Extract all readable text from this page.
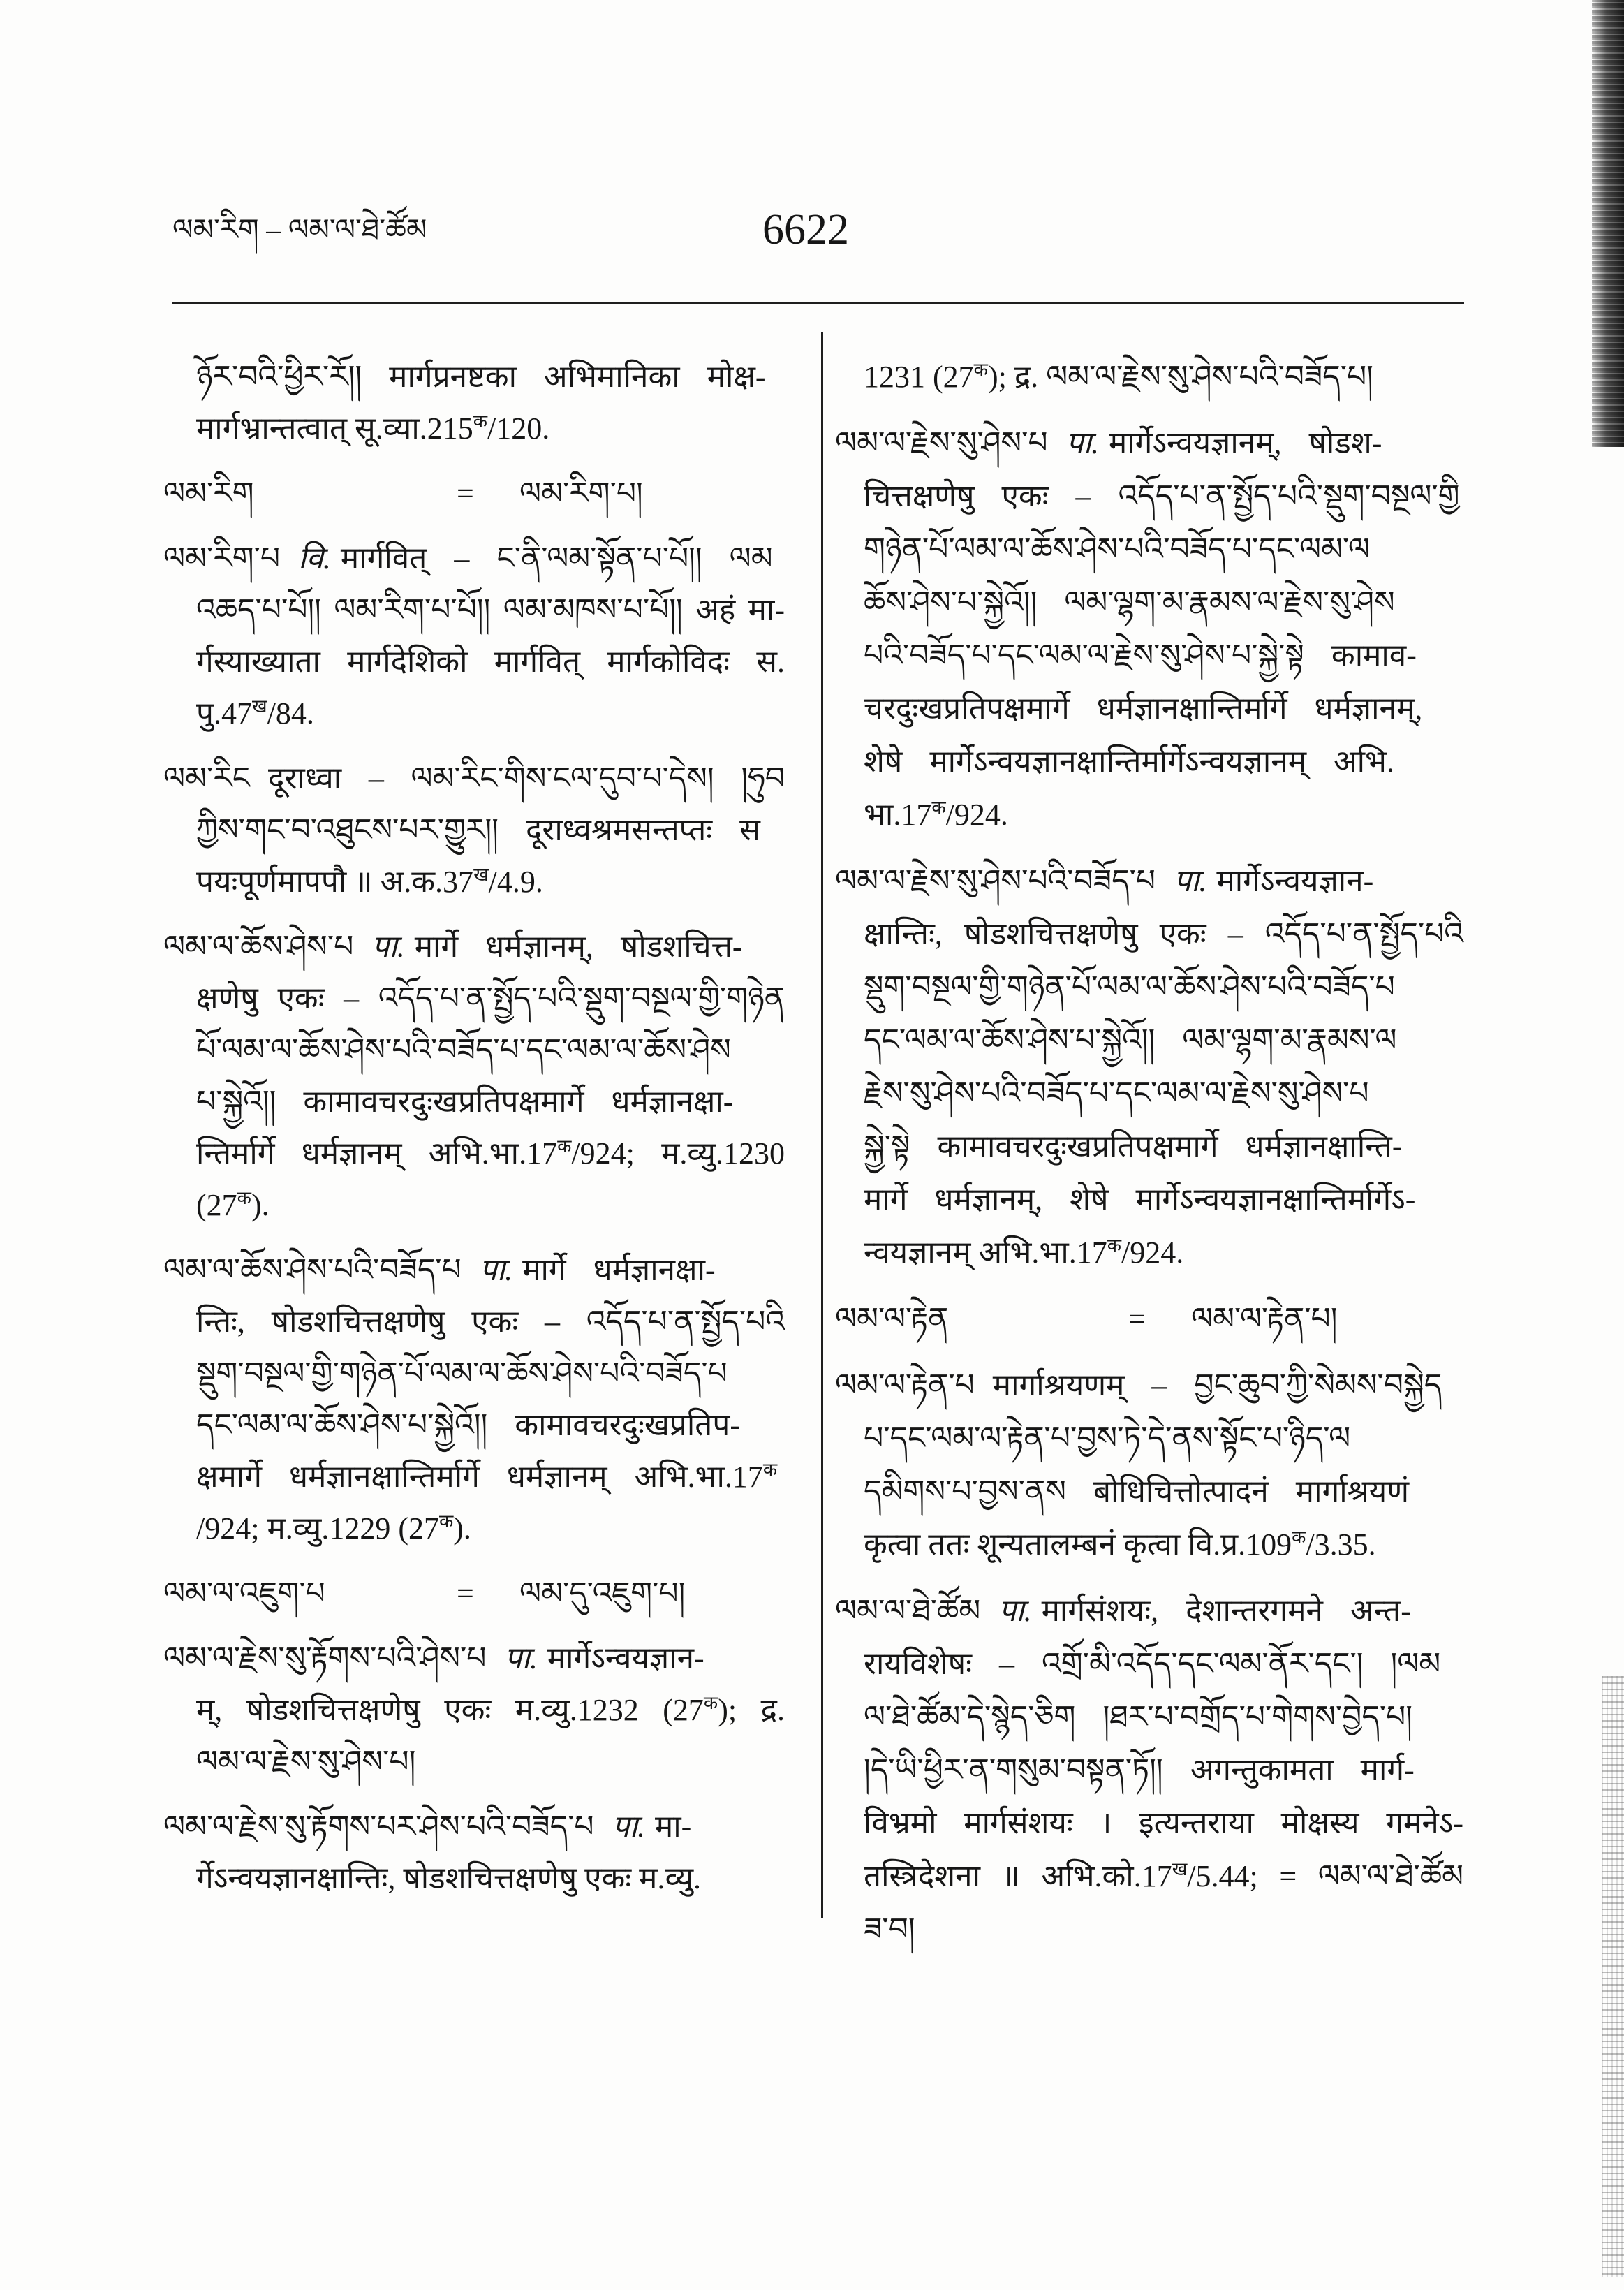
ལམ་རིག – ལམ་ལ་ཐེ་ཚོམ	6622
ཉོར་བའི་ཕྱིར་རོ།། मार्गप्रनष्टका अभिमानिका मोक्ष-
मार्गभ्रान्तत्वात् $सू.व्या.215^क/120$.
ལམ་རིག	= ལམ་རིག་པ།
ལམ་རིག་པ वि. मार्गवित् – ང་ནི་ལམ་སྟོན་པ་པོ།། ལམ
འཆད་པ་པོ།། ལམ་རིག་པ་པོ།། ལམ་མཁས་པ་པོ།། अहं मा-
र्गस्याख्याता मार्गदेशिको मार्गवित् मार्गकोविदः स.
$पु.47^ख/84$.
ལམ་རིང दूराध्वा – ལམ་རིང་གིས་ངལ་དུབ་པ་དེས། །ཧུབ
ཀྱིས་གང་བ་འཐུངས་པར་གྱུར།། दूराध्वश्रमसन्तप्तः स
पयःपूर्णमापपौ ॥ $अ.क.37^ख/4.9$.
ལམ་ལ་ཆོས་ཤེས་པ पा. मार्गे धर्मज्ञानम्, षोडशचित्त-
क्षणेषु एकः – འདོད་པ་ན་སྤྱོད་པའི་སྡུག་བསྔལ་གྱི་གཉེན
པོ་ལམ་ལ་ཆོས་ཤེས་པའི་བཟོད་པ་དང་ལམ་ལ་ཆོས་ཤེས
པ་སྐྱེའོ།། कामावचरदुःखप्रतिपक्षमार्गे धर्मज्ञानक्षा-
न्तिर्मार्गे धर्मज्ञानम् $अभि.भा.17^क/924$; म.व्यु.1230
$(27^क)$.
ལམ་ལ་ཆོས་ཤེས་པའི་བཟོད་པ पा. मार्गे धर्मज्ञानक्षा-
न्तिः, षोडशचित्तक्षणेषु एकः – འདོད་པ་ན་སྤྱོད་པའི
སྡུག་བསྔལ་གྱི་གཉེན་པོ་ལམ་ལ་ཆོས་ཤེས་པའི་བཟོད་པ
དང་ལམ་ལ་ཆོས་ཤེས་པ་སྐྱེའོ།། कामावचरदुःखप्रतिप-
क्षमार्गे धर्मज्ञानक्षान्तिर्मार्गे धर्मज्ञानम् $अभि.भा.17^क$
/924; म.व्यु.1229 $(27^क)$.
ལམ་ལ་འཇུག་པ	= ལམ་དུ་འཇུག་པ།
ལམ་ལ་རྗེས་སུ་རྟོགས་པའི་ཤེས་པ पा. मार्गेऽन्वयज्ञान-
म्, षोडशचित्तक्षणेषु एकः म.व्यु.1232 $(27^क)$; द्र.
ལམ་ལ་རྗེས་སུ་ཤེས་པ།
ལམ་ལ་རྗེས་སུ་རྟོགས་པར་ཤེས་པའི་བཟོད་པ पा. मा-
र्गेऽन्वयज्ञानक्षान्तिः, षोडशचित्तक्षणेषु एकः म.व्यु.
1231 $(27^क)$; द्र. ལམ་ལ་རྗེས་སུ་ཤེས་པའི་བཟོད་པ།
ལམ་ལ་རྗེས་སུ་ཤེས་པ पा. मार्गेऽन्वयज्ञानम्, षोडश-
चित्तक्षणेषु एकः – འདོད་པ་ན་སྤྱོད་པའི་སྡུག་བསྔལ་གྱི
གཉེན་པོ་ལམ་ལ་ཆོས་ཤེས་པའི་བཟོད་པ་དང་ལམ་ལ
ཆོས་ཤེས་པ་སྐྱེའོ།། ལམ་ལྷག་མ་རྣམས་ལ་རྗེས་སུ་ཤེས
པའི་བཟོད་པ་དང་ལམ་ལ་རྗེས་སུ་ཤེས་པ་སྐྱེ་སྟེ कामाव-
चरदुःखप्रतिपक्षमार्गे धर्मज्ञानक्षान्तिर्मार्गे धर्मज्ञानम्,
शेषे मार्गेऽन्वयज्ञानक्षान्तिर्मार्गेऽन्वयज्ञानम् अभि.
$भा.17^क/924$.
ལམ་ལ་རྗེས་སུ་ཤེས་པའི་བཟོད་པ पा. मार्गेऽन्वयज्ञान-
क्षान्तिः, षोडशचित्तक्षणेषु एकः – འདོད་པ་ན་སྤྱོད་པའི
སྡུག་བསྔལ་གྱི་གཉེན་པོ་ལམ་ལ་ཆོས་ཤེས་པའི་བཟོད་པ
དང་ལམ་ལ་ཆོས་ཤེས་པ་སྐྱེའོ།། ལམ་ལྷག་མ་རྣམས་ལ
རྗེས་སུ་ཤེས་པའི་བཟོད་པ་དང་ལམ་ལ་རྗེས་སུ་ཤེས་པ
སྐྱེ་སྟེ कामावचरदुःखप्रतिपक्षमार्गे धर्मज्ञानक्षान्ति-
मार्गे धर्मज्ञानम्, शेषे मार्गेऽन्वयज्ञानक्षान्तिर्मार्गेऽ-
न्वयज्ञानम् $अभि.भा.17^क/924$.
ལམ་ལ་རྟེན	= ལམ་ལ་རྟེན་པ།
ལམ་ལ་རྟེན་པ मार्गाश्रयणम् – བྱང་ཆུབ་ཀྱི་སེམས་བསྐྱེད
པ་དང་ལམ་ལ་རྟེན་པ་བྱས་ཏེ་དེ་ནས་སྟོང་པ་ཉིད་ལ
དམིགས་པ་བྱས་ནས बोधिचित्तोत्पादनं मार्गाश्रयणं
कृत्वा ततः शून्यतालम्बनं कृत्वा $वि.प्र.109^क/3.35$.
ལམ་ལ་ཐེ་ཚོམ पा. मार्गसंशयः, देशान्तरगमने अन्त-
रायविशेषः – འགྲོ་མི་འདོད་དང་ལམ་ནོར་དང་། །ལམ
ལ་ཐེ་ཚོམ་དེ་སྙེད་ཅིག །ཐར་པ་བགྲོད་པ་གེགས་བྱེད་པ།
།དེ་ཡི་ཕྱིར་ན་གསུམ་བསྟན་ཏོ།། अगन्तुकामता मार्ग-
विभ्रमो मार्गसंशयः । इत्यन्तराया मोक्षस्य गमनेऽ-
तस्त्रिदेशना ॥ $अभि.को.17^ख/5.44$; = ལམ་ལ་ཐེ་ཚོམ
ཟ་བ།
